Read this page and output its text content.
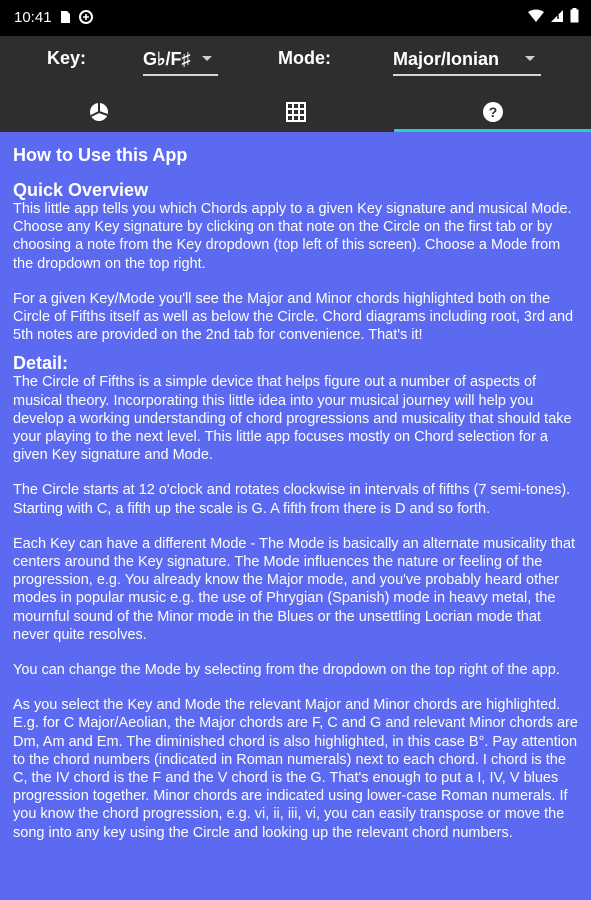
10:41
Key:	G♭/F♯	Mode:	Major/Ionian
?

How to Use this App

Quick Overview

This little app tells you which Chords apply to a given Key signature and musical Mode. Choose any Key signature by clicking on that note on the Circle on the first tab or by choosing a note from the Key dropdown (top left of this screen). Choose a Mode from the dropdown on the top right.

For a given Key/Mode you'll see the Major and Minor chords highlighted both on the Circle of Fifths itself as well as below the Circle. Chord diagrams including root, 3rd and 5th notes are provided on the 2nd tab for convenience. That's it!

Detail:

The Circle of Fifths is a simple device that helps figure out a number of aspects of musical theory. Incorporating this little idea into your musical journey will help you develop a working understanding of chord progressions and musicality that should take your playing to the next level. This little app focuses mostly on Chord selection for a given Key signature and Mode.

The Circle starts at 12 o'clock and rotates clockwise in intervals of fifths (7 semi-tones). Starting with C, a fifth up the scale is G. A fifth from there is D and so forth.

Each Key can have a different Mode - The Mode is basically an alternate musicality that centers around the Key signature. The Mode influences the nature or feeling of the progression, e.g. You already know the Major mode, and you've probably heard other modes in popular music e.g. the use of Phrygian (Spanish) mode in heavy metal, the mournful sound of the Minor mode in the Blues or the unsettling Locrian mode that never quite resolves.

You can change the Mode by selecting from the dropdown on the top right of the app.

As you select the Key and Mode the relevant Major and Minor chords are highlighted. E.g. for C Major/Aeolian, the Major chords are F, C and G and relevant Minor chords are Dm, Am and Em. The diminished chord is also highlighted, in this case B°. Pay attention to the chord numbers (indicated in Roman numerals) next to each chord. I chord is the C, the IV chord is the F and the V chord is the G. That's enough to put a I, IV, V blues progression together. Minor chords are indicated using lower-case Roman numerals. If you know the chord progression, e.g. vi, ii, iii, vi, you can easily transpose or move the song into any key using the Circle and looking up the relevant chord numbers.
